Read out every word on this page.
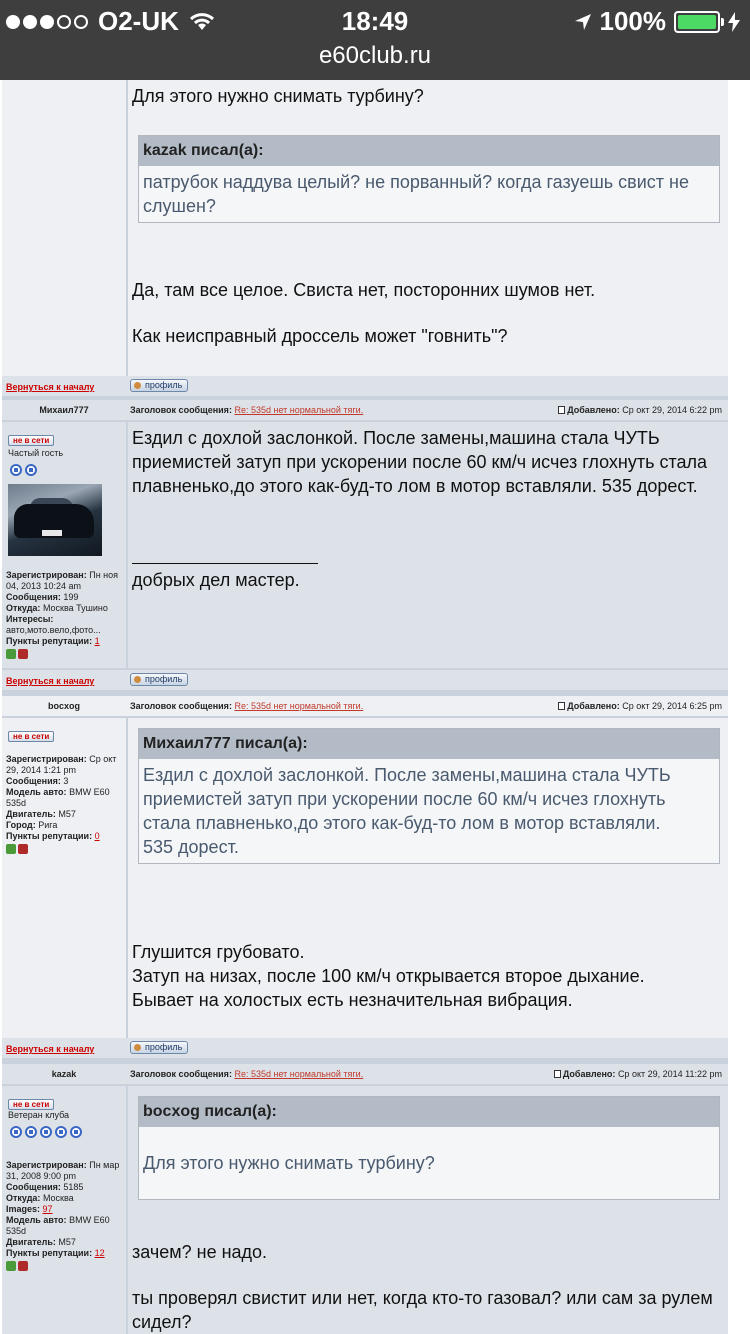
O2-UK	18:49	100%
e60club.ru
Для этого нужно снимать турбину?
kazak писал(а):
патрубок наддува целый? не порванный? когда газуешь свист не слушен?
Да, там все целое. Свиста нет, посторонних шумов нет.
Как неисправный дроссель может "говнить"?
Вернуться к началу	профиль
Михаил777	Заголовок сообщения: Re: 535d нет нормальной тяги.	Добавлено: Ср окт 29, 2014 6:22 pm
не в сети
Частый гость
Зарегистрирован: Пн ноя 04, 2013 10:24 am
Сообщения: 199
Откуда: Москва Тушино
Интересы:
авто,мото.вело,фото...
Пункты репутации: 1
Ездил с дохлой заслонкой. После замены,машина стала ЧУТЬ приемистей затуп при ускорении после 60 км/ч исчез глохнуть стала плавненько,до этого как-буд-то лом в мотор вставляли. 535 дорест.
добрых дел мастер.
Вернуться к началу	профиль
bocxog	Заголовок сообщения: Re: 535d нет нормальной тяги.	Добавлено: Ср окт 29, 2014 6:25 pm
не в сети
Зарегистрирован: Ср окт 29, 2014 1:21 pm
Сообщения: 3
Модель авто: BMW E60 535d
Двигатель: M57
Город: Рига
Пункты репутации: 0
Михаил777 писал(а):
Ездил с дохлой заслонкой. После замены,машина стала ЧУТЬ приемистей затуп при ускорении после 60 км/ч исчез глохнуть стала плавненько,до этого как-буд-то лом в мотор вставляли.
535 дорест.
Глушится грубовато.
Затуп на низах, после 100 км/ч открывается второе дыхание.
Бывает на холостых есть незначительная вибрация.
Вернуться к началу	профиль
kazak	Заголовок сообщения: Re: 535d нет нормальной тяги.	Добавлено: Ср окт 29, 2014 11:22 pm
не в сети
Ветеран клуба
Зарегистрирован: Пн мар 31, 2008 9:00 pm
Сообщения: 5185
Откуда: Москва
Images: 97
Модель авто: BMW E60 535d
Двигатель: M57
Пункты репутации: 12
bocxog писал(а):
Для этого нужно снимать турбину?
зачем? не надо.
ты проверял свистит или нет, когда кто-то газовал? или сам за рулем сидел?
